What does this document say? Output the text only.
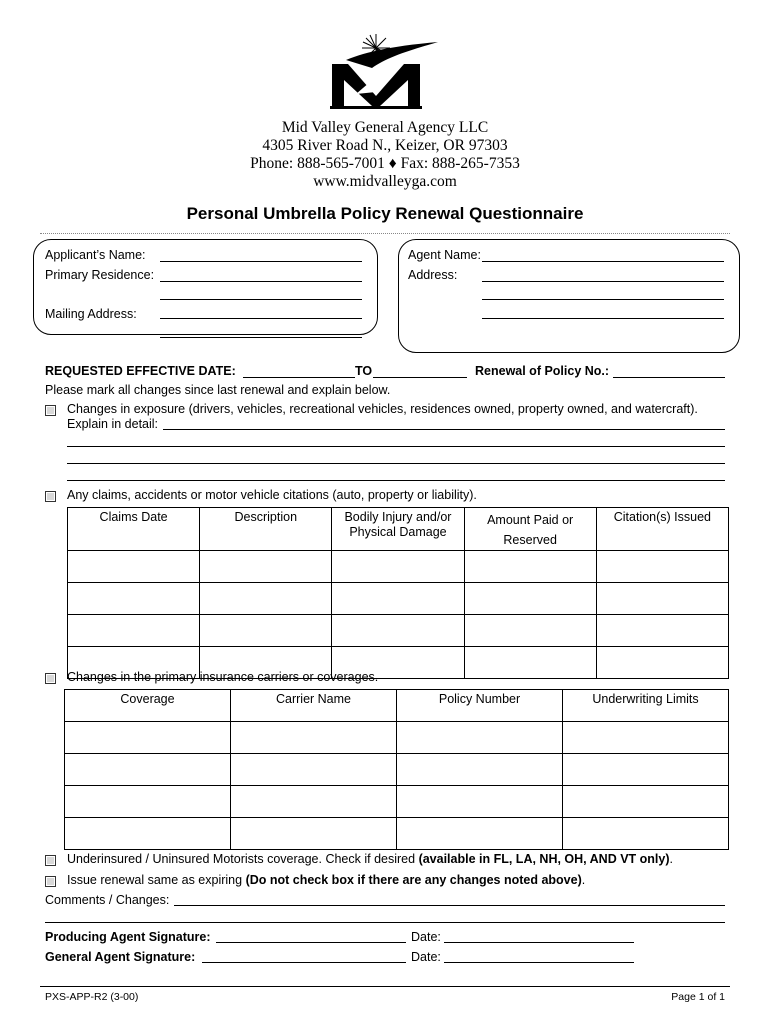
Mid Valley General Agency LLC
4305 River Road N., Keizer, OR 97303
Phone: 888-565-7001 ♦ Fax: 888-265-7353
www.midvalleyga.com
Personal Umbrella Policy Renewal Questionnaire
Applicant’s Name:
Primary Residence:
Mailing Address:
Agent Name:
Address:
REQUESTED EFFECTIVE DATE:	TO	Renewal of Policy No.:
Please mark all changes since last renewal and explain below.
Changes in exposure (drivers, vehicles, recreational vehicles, residences owned, property owned, and watercraft).
Explain in detail:
Any claims, accidents or motor vehicle citations (auto, property or liability).
Claims Date	Description	Bodily Injury and/or Physical Damage	Amount Paid or Reserved	Citation(s) Issued

Changes in the primary insurance carriers or coverages.
Coverage	Carrier Name	Policy Number	Underwriting Limits

Underinsured / Uninsured Motorists coverage. Check if desired (available in FL, LA, NH, OH, AND VT only).
Issue renewal same as expiring (Do not check box if there are any changes noted above).
Comments / Changes:
Producing Agent Signature:	Date:
General Agent Signature:	Date:
PXS-APP-R2 (3-00)	Page 1 of 1
